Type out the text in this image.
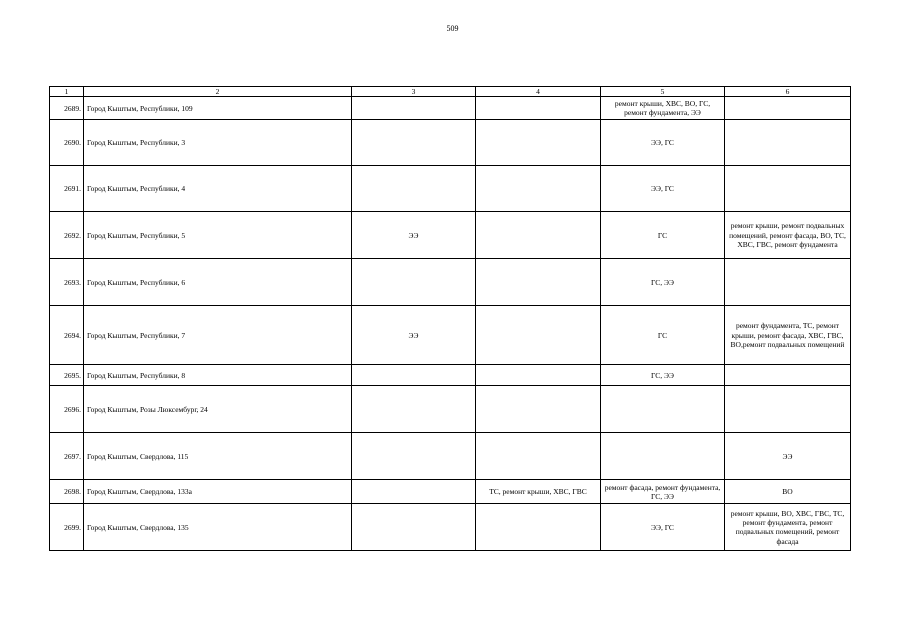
509
1	2	3	4	5	6
2689.	Город Кыштым, Республики, 109			ремонт крыши, ХВС, ВО, ГС, ремонт фундамента, ЭЭ	
2690.	Город Кыштым, Республики, 3			ЭЭ, ГС	
2691.	Город Кыштым, Республики, 4			ЭЭ, ГС	
2692.	Город Кыштым, Республики, 5	ЭЭ		ГС	ремонт крыши, ремонт подвальных помещений, ремонт фасада, ВО, ТС, ХВС, ГВС, ремонт фундамента
2693.	Город Кыштым, Республики, 6			ГС, ЭЭ	
2694.	Город Кыштым, Республики, 7	ЭЭ		ГС	ремонт фундамента, ТС, ремонт крыши, ремонт фасада, ХВС, ГВС, ВО,ремонт подвальных помещений
2695.	Город Кыштым, Республики, 8			ГС, ЭЭ	
2696.	Город Кыштым, Розы Люксембург, 24				
2697.	Город Кыштым, Свердлова, 115				ЭЭ
2698.	Город Кыштым, Свердлова, 133а		ТС, ремонт крыши, ХВС, ГВС	ремонт фасада, ремонт фундамента, ГС, ЭЭ	ВО
2699.	Город Кыштым, Свердлова, 135			ЭЭ, ГС	ремонт крыши, ВО, ХВС, ГВС, ТС, ремонт фундамента, ремонт подвальных помещений, ремонт фасада
